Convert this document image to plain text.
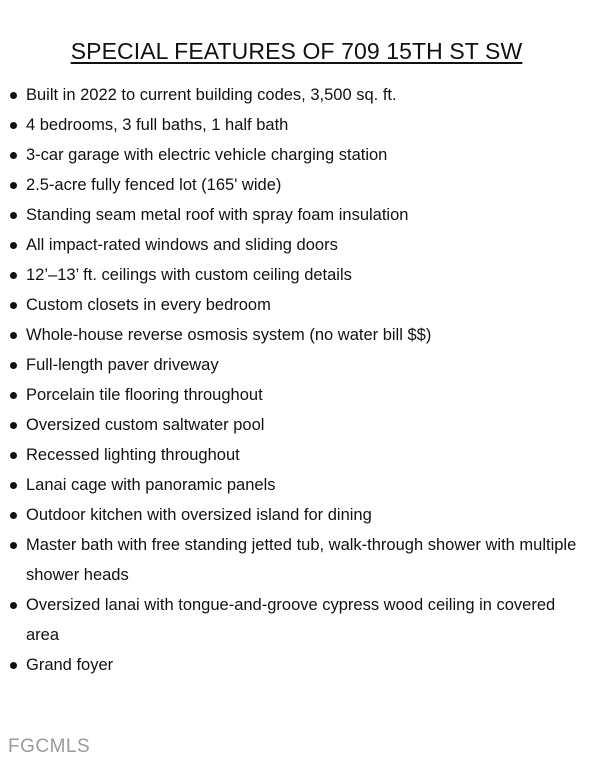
SPECIAL FEATURES OF 709 15TH ST SW
Built in 2022 to current building codes, 3,500 sq. ft.
4 bedrooms, 3 full baths, 1 half bath
3-car garage with electric vehicle charging station
2.5-acre fully fenced lot (165' wide)
Standing seam metal roof with spray foam insulation
All impact-rated windows and sliding doors
12’–13’ ft. ceilings with custom ceiling details
Custom closets in every bedroom
Whole-house reverse osmosis system (no water bill $$)
Full-length paver driveway
Porcelain tile flooring throughout
Oversized custom saltwater pool
Recessed lighting throughout
Lanai cage with panoramic panels
Outdoor kitchen with oversized island for dining
Master bath with free standing jetted tub, walk-through shower with multiple shower heads
Oversized lanai with tongue-and-groove cypress wood ceiling in covered area
Grand foyer
FGCMLS
